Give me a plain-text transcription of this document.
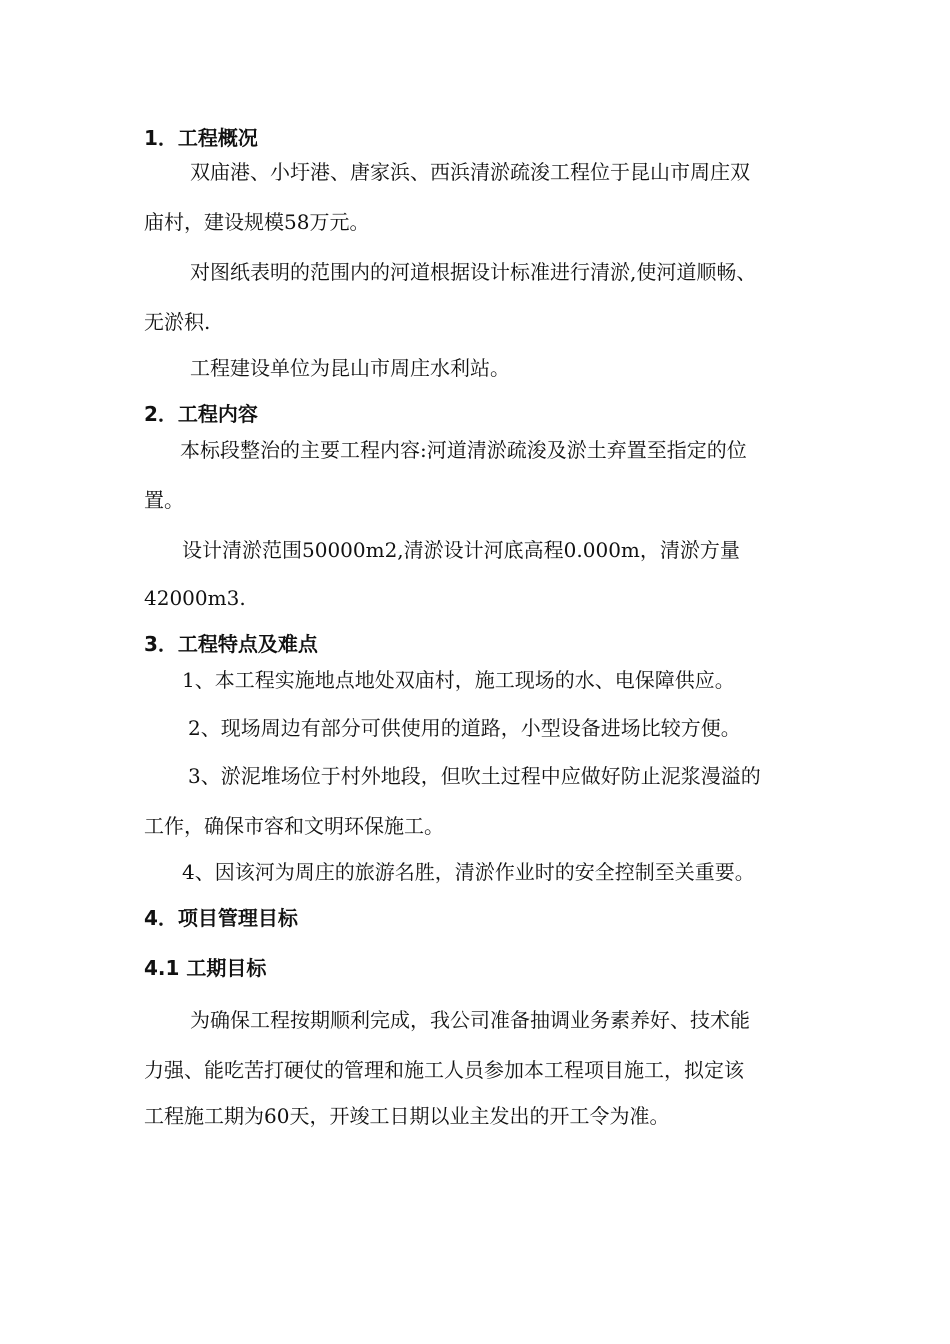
1．工程概况
双庙港、小圩港、唐家浜、西浜清淤疏浚工程位于昆山市周庄双
庙村，建设规模58万元。
对图纸表明的范围内的河道根据设计标准进行清淤,使河道顺畅、
无淤积.
工程建设单位为昆山市周庄水利站。
2．工程内容
本标段整治的主要工程内容:河道清淤疏浚及淤土弃置至指定的位
置。
设计清淤范围50000m2,清淤设计河底高程0.000m，清淤方量
42000m3.
3．工程特点及难点
1、本工程实施地点地处双庙村，施工现场的水、电保障供应。
2、现场周边有部分可供使用的道路，小型设备进场比较方便。
3、淤泥堆场位于村外地段，但吹土过程中应做好防止泥浆漫溢的
工作，确保市容和文明环保施工。
4、因该河为周庄的旅游名胜，清淤作业时的安全控制至关重要。
4．项目管理目标
4.1 工期目标
为确保工程按期顺利完成，我公司准备抽调业务素养好、技术能
力强、能吃苦打硬仗的管理和施工人员参加本工程项目施工，拟定该
工程施工期为60天，开竣工日期以业主发出的开工令为准。
